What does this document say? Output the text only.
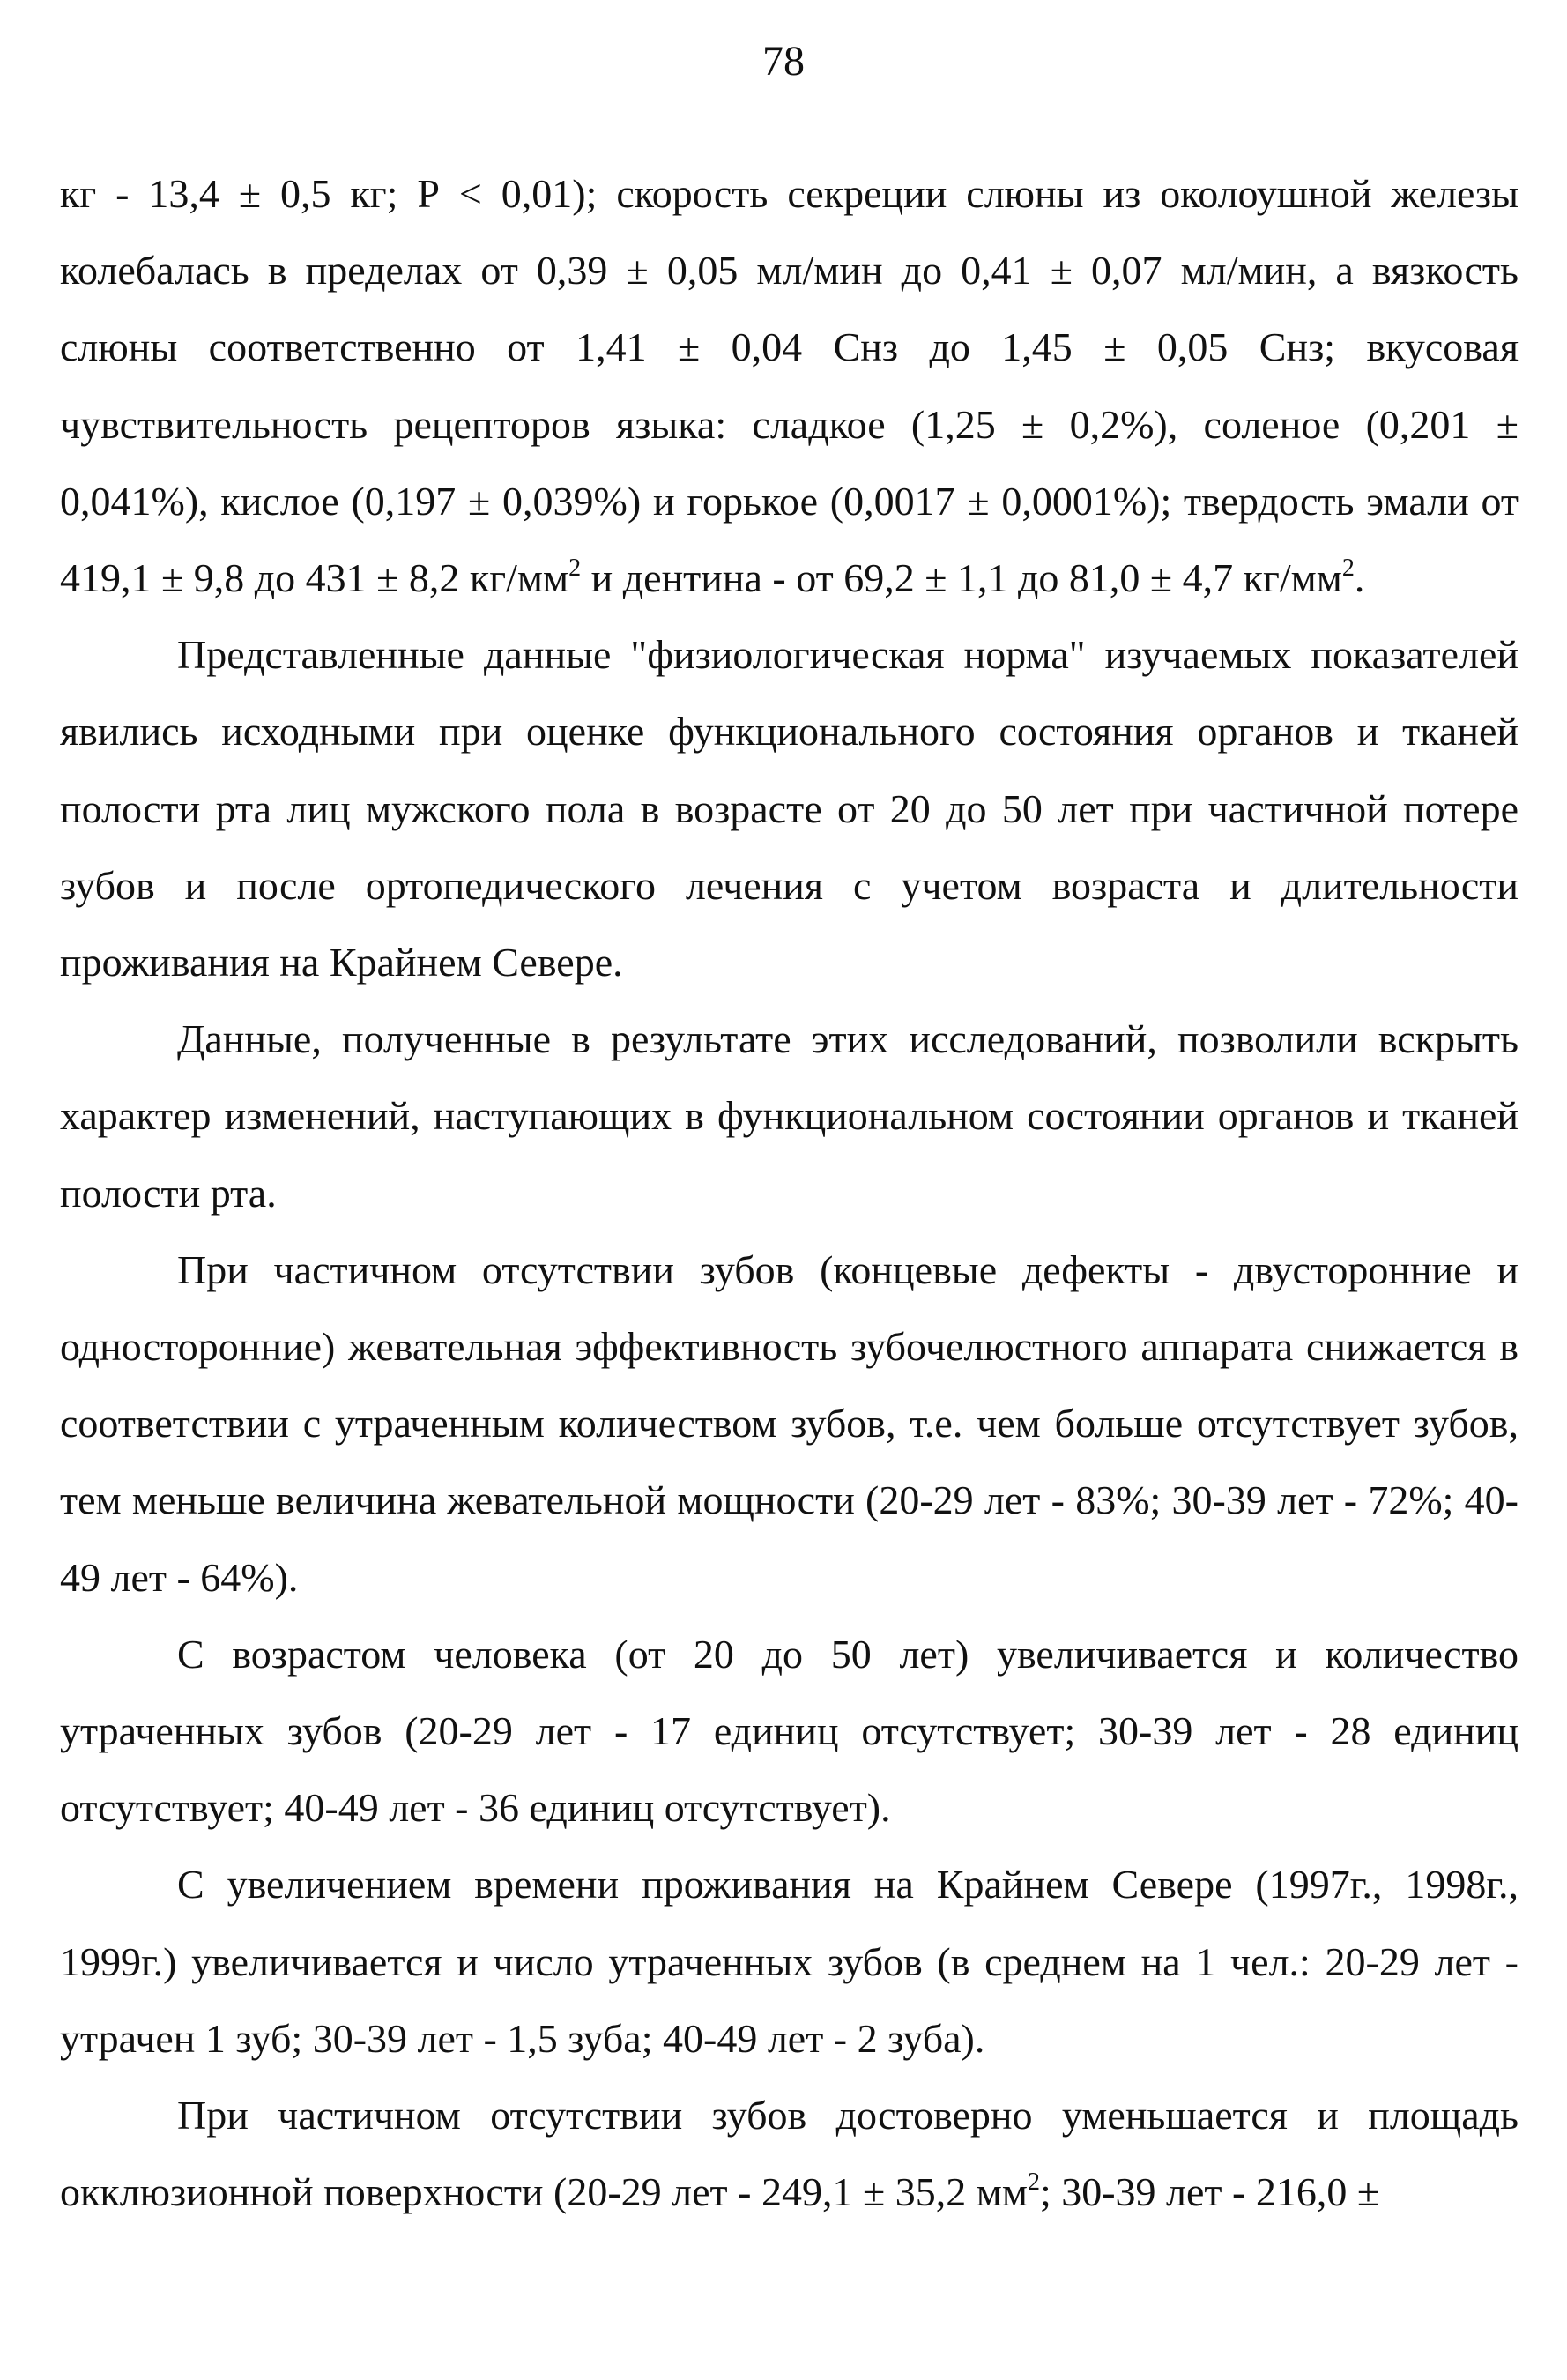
78

кг - 13,4 ± 0,5 кг; Р < 0,01); скорость секреции слюны из околоушной железы колебалась в пределах от 0,39 ± 0,05 мл/мин до 0,41 ± 0,07 мл/мин, а вязкость слюны соответственно от 1,41 ± 0,04 Снз до 1,45 ± 0,05 Снз; вкусовая чувствительность рецепторов языка: сладкое (1,25 ± 0,2%), соленое (0,201 ± 0,041%), кислое (0,197 ± 0,039%) и горькое (0,0017 ± 0,0001%); твердость эмали от 419,1 ± 9,8 до 431 ± 8,2 $кг/мм^2$ и дентина - от 69,2 ± 1,1 до 81,0 ± 4,7 $кг/мм^2$.

Представленные данные "физиологическая норма" изучаемых показателей явились исходными при оценке функционального состояния органов и тканей полости рта лиц мужского пола в возрасте от 20 до 50 лет при частичной потере зубов и после ортопедического лечения с учетом возраста и длительности проживания на Крайнем Севере.

Данные, полученные в результате этих исследований, позволили вскрыть характер изменений, наступающих в функциональном состоянии органов и тканей полости рта.

При частичном отсутствии зубов (концевые дефекты - двусторонние и односторонние) жевательная эффективность зубочелюстного аппарата снижается в соответствии с утраченным количеством зубов, т.е. чем больше отсутствует зубов, тем меньше величина жевательной мощности (20-29 лет - 83%; 30-39 лет - 72%; 40-49 лет - 64%).

С возрастом человека (от 20 до 50 лет) увеличивается и количество утраченных зубов (20-29 лет - 17 единиц отсутствует; 30-39 лет - 28 единиц отсутствует; 40-49 лет - 36 единиц отсутствует).

С увеличением времени проживания на Крайнем Севере (1997г., 1998г., 1999г.) увеличивается и число утраченных зубов (в среднем на 1 чел.: 20-29 лет - утрачен 1 зуб; 30-39 лет - 1,5 зуба; 40-49 лет - 2 зуба).

При частичном отсутствии зубов достоверно уменьшается и площадь окклюзионной поверхности (20-29 лет - 249,1 ± 35,2 $мм^2$; 30-39 лет - 216,0 ±
